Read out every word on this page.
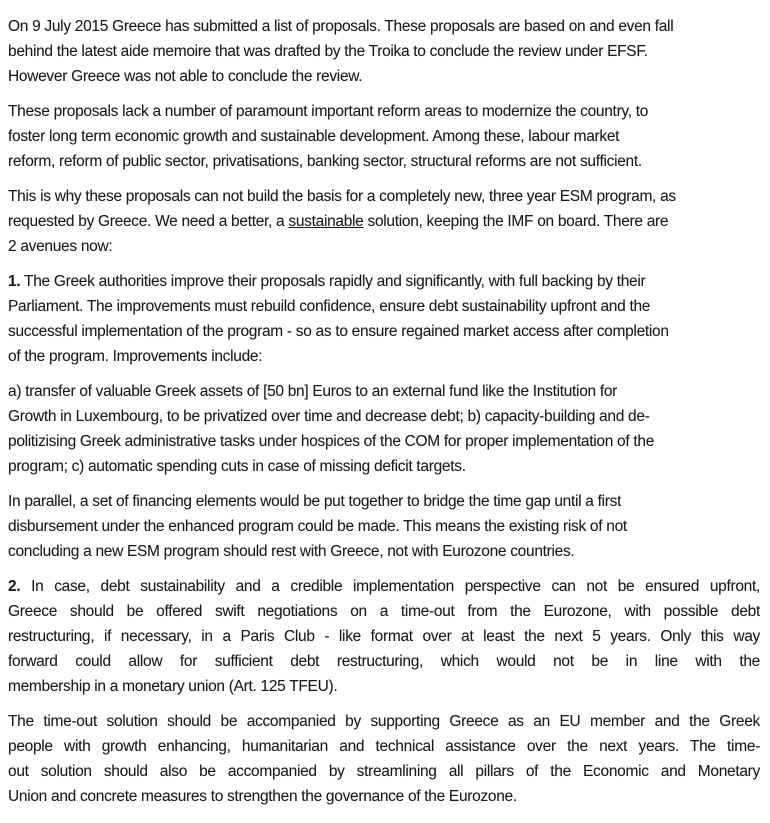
On 9 July 2015 Greece has submitted a list of proposals. These proposals are based on and even fall
behind the latest aide memoire that was drafted by the Troika to conclude the review under EFSF.
However Greece was not able to conclude the review.
These proposals lack a number of paramount important reform areas to modernize the country, to
foster long term economic growth and sustainable development. Among these, labour market
reform, reform of public sector, privatisations, banking sector, structural reforms are not sufficient.
This is why these proposals can not build the basis for a completely new, three year ESM program, as
requested by Greece. We need a better, a sustainable solution, keeping the IMF on board. There are
2 avenues now:
1. The Greek authorities improve their proposals rapidly and significantly, with full backing by their
Parliament. The improvements must rebuild confidence, ensure debt sustainability upfront and the
successful implementation of the program - so as to ensure regained market access after completion
of the program. Improvements include:
a) transfer of valuable Greek assets of [50 bn] Euros to an external fund like the Institution for
Growth in Luxembourg, to be privatized over time and decrease debt; b) capacity-building and de-
politizising Greek administrative tasks under hospices of the COM for proper implementation of the
program; c) automatic spending cuts in case of missing deficit targets.
In parallel, a set of financing elements would be put together to bridge the time gap until a first
disbursement under the enhanced program could be made. This means the existing risk of not
concluding a new ESM program should rest with Greece, not with Eurozone countries.
2. In case, debt sustainability and a credible implementation perspective can not be ensured upfront,
Greece should be offered swift negotiations on a time-out from the Eurozone, with possible debt
restructuring, if necessary, in a Paris Club - like format over at least the next 5 years. Only this way
forward could allow for sufficient debt restructuring, which would not be in line with the
membership in a monetary union (Art. 125 TFEU).
The time-out solution should be accompanied by supporting Greece as an EU member and the Greek
people with growth enhancing, humanitarian and technical assistance over the next years. The time-
out solution should also be accompanied by streamlining all pillars of the Economic and Monetary
Union and concrete measures to strengthen the governance of the Eurozone.
